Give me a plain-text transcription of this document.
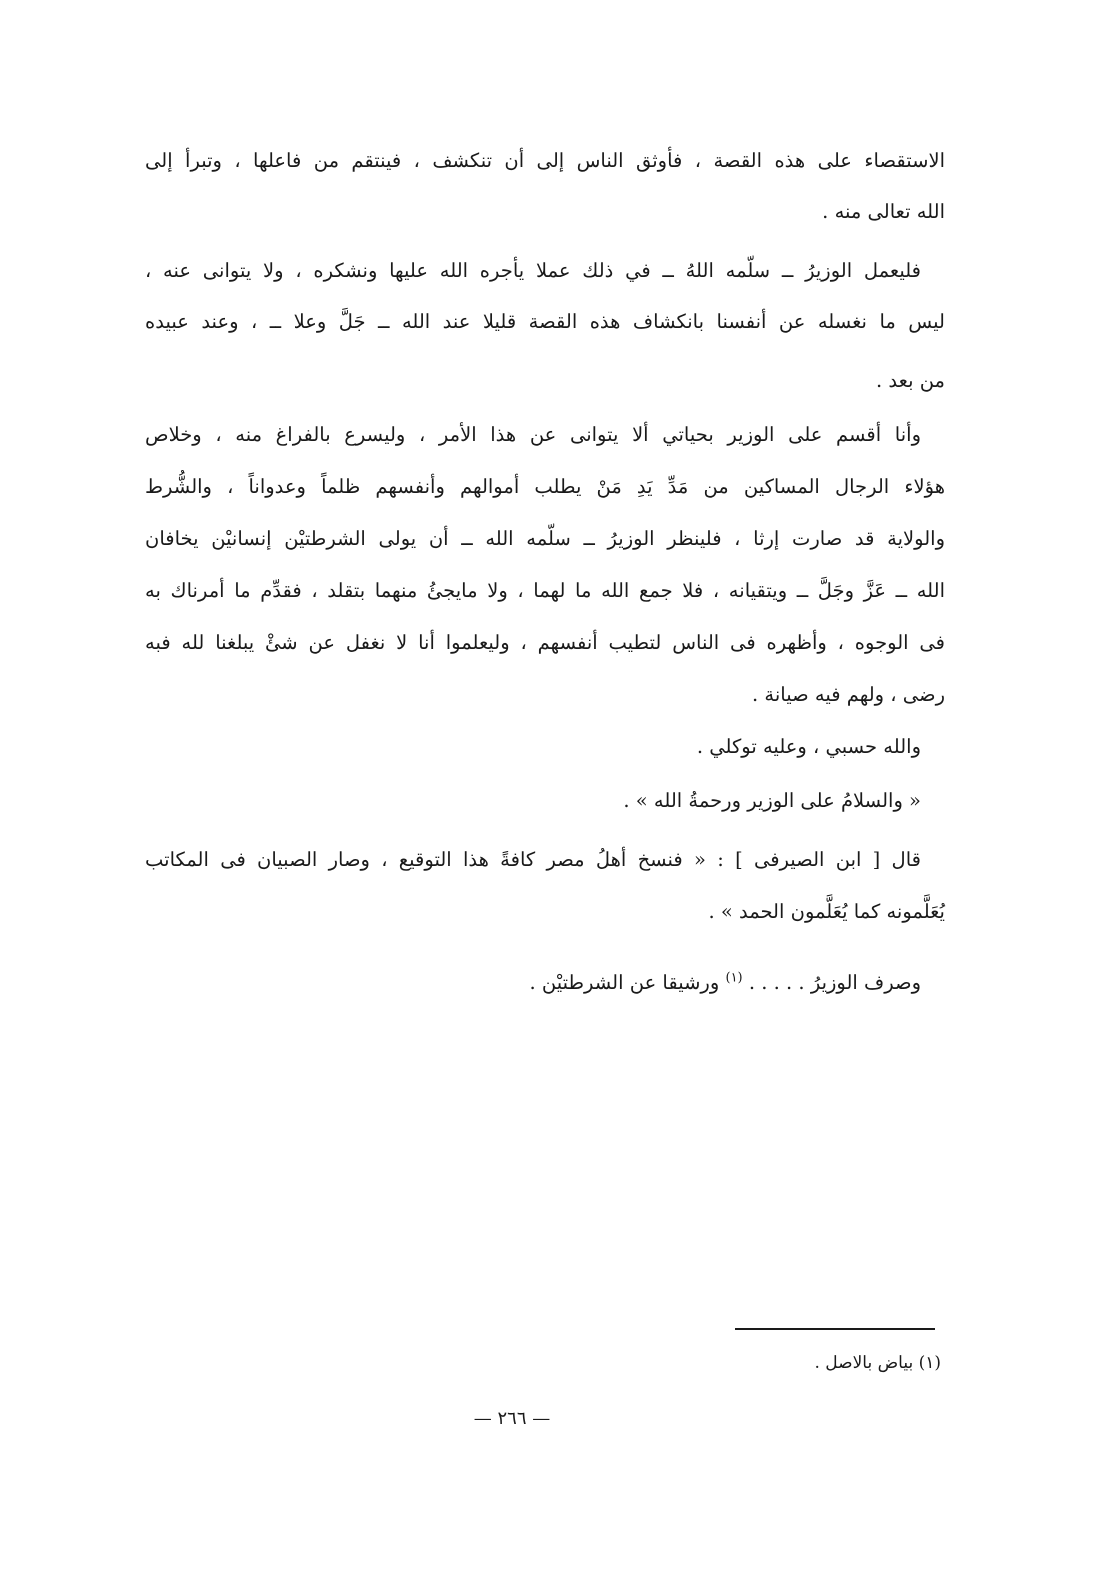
الاستقصاء على هذه القصة ، فأوثق الناس إلى أن تنكشف ، فينتقم من فاعلها ، وتبرأ إلى
الله تعالى منه .
فليعمل الوزيرُ ــ سلّمه اللهُ ــ في ذلك عملا يأجره الله عليها ونشكره ، ولا يتوانى عنه ،
ليس ما نغسله عن أنفسنا بانكشاف هذه القصة قليلا عند الله ــ جَلَّ وعلا ــ ، وعند عبيده
من بعد .
وأنا أقسم على الوزير بحياتي ألا يتوانى عن هذا الأمر ، وليسرع بالفراغ منه ، وخلاص
هؤلاء الرجال المساكين من مَدِّ يَدِ مَنْ يطلب أموالهم وأنفسهم ظلماً وعدواناً ، والشُّرط
والولاية قد صارت إرثا ، فلينظر الوزيرُ ــ سلّمه الله ــ أن يولى الشرطتيْن إنسانيْن يخافان
الله ــ عَزَّ وجَلَّ ــ ويتقيانه ، فلا جمع الله ما لهما ، ولا مايجئُ منهما بتقلد ، فقدِّم ما أمرناك به
فى الوجوه ، وأظهره فى الناس لتطيب أنفسهم ، وليعلموا أنا لا نغفل عن شئْ يبلغنا لله فبه
رضى ، ولهم فيه صيانة .
والله حسبي ، وعليه توكلي .
« والسلامُ على الوزير ورحمةُ الله » .
قال [ ابن الصيرفى ] : « فنسخ أهلُ مصر كافةً هذا التوقيع ، وصار الصبيان فى المكاتب
يُعَلَّمونه كما يُعَلَّمون الحمد » .
وصرف الوزيرُ . . . . . $^{(١)}$ ورشيقا عن الشرطتيْن .
(١) بياض بالاصل .
— ٢٦٦ —
